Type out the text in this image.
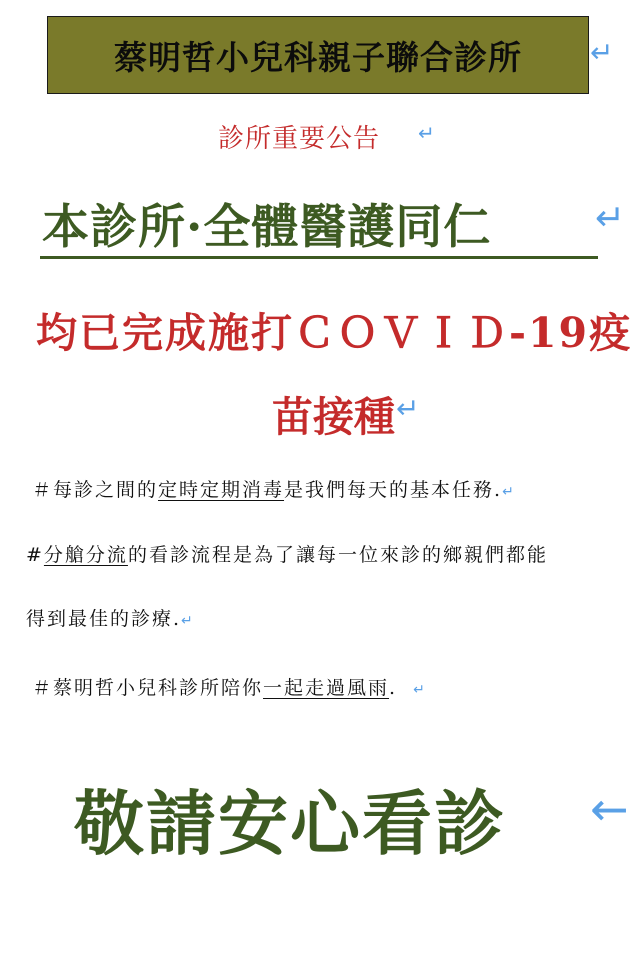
蔡明哲小兒科親子聯合診所 ↵
診所重要公告 ↵
本診所·全體醫護同仁	↵
均已完成施打ＣＯＶＩＤ-19疫
苗接種 ↵
＃每診之間的定時定期消毒是我們每天的基本任務.↵
#分艙分流的看診流程是為了讓每一位來診的鄉親們都能
得到最佳的診療.↵
＃蔡明哲小兒科診所陪你一起走過風雨. ↵
敬請安心看診 ←
